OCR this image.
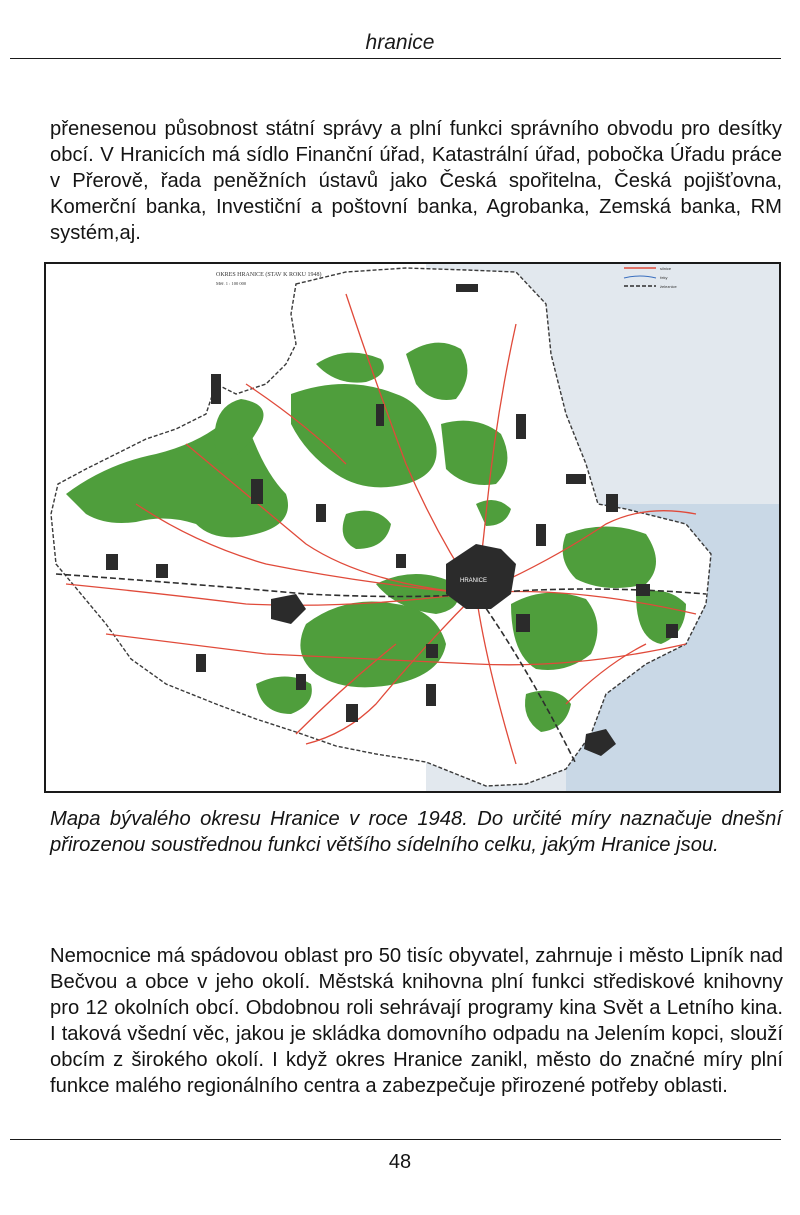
hranice

přenesenou působnost státní správy a plní funkci správního obvodu pro desítky obcí. V Hranicích má sídlo Finanční úřad, Katastrální úřad, pobočka Úřadu práce v Přerově, řada peněžních ústavů jako Česká spořitelna, Česká pojišťovna, Komerční banka, Investiční a poštovní banka, Agrobanka, Zemská banka, RM systém,aj.

OKRES HRANICE (STAV K ROKU 1948)
Měř. 1 : 100 000
silnice
řeky
železnice
HRANICE

Mapa bývalého okresu Hranice v roce 1948. Do určité míry naznačuje dnešní přirozenou soustřednou funkci většího sídelního celku, jakým Hranice jsou.

Nemocnice má spádovou oblast pro 50 tisíc obyvatel, zahrnuje i město Lipník nad Bečvou a obce v jeho okolí. Městská knihovna plní funkci střediskové knihovny pro 12 okolních obcí. Obdobnou roli sehrávají programy kina Svět a Letního kina. I taková všední věc, jakou je skládka domovního odpadu na Jelením kopci, slouží obcím z širokého okolí. I když okres Hranice zanikl, město do značné míry plní funkce malého regionálního centra a zabezpečuje přirozené potřeby oblasti.

48
